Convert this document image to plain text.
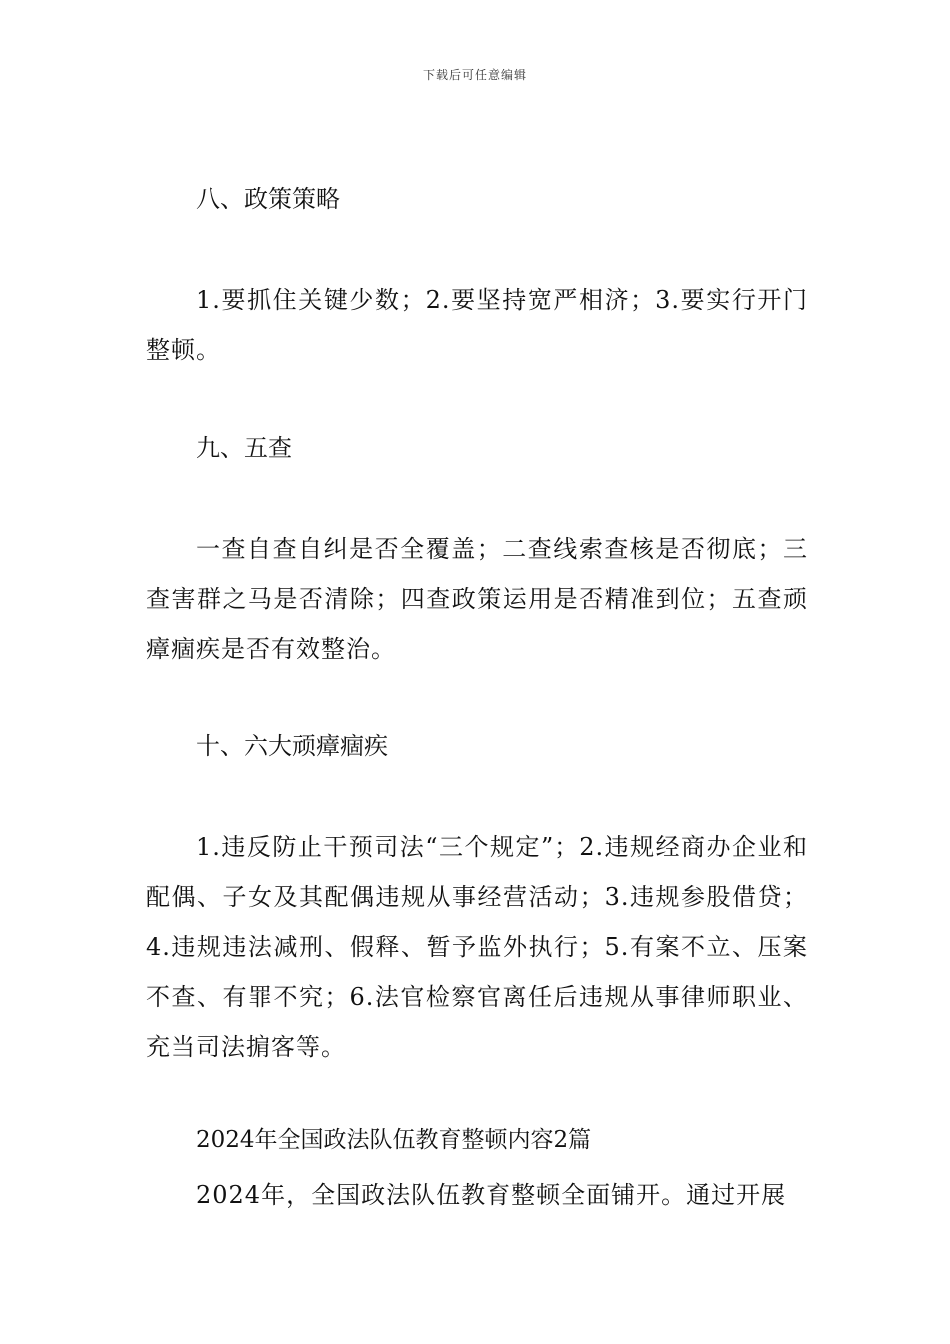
下载后可任意编辑
八、政策策略
1.要抓住关键少数；2.要坚持宽严相济；3.要实行开门整顿。
九、五查
一查自查自纠是否全覆盖；二查线索查核是否彻底；三查害群之马是否清除；四查政策运用是否精准到位；五查顽瘴痼疾是否有效整治。
十、六大顽瘴痼疾
1.违反防止干预司法“三个规定”；2.违规经商办企业和配偶、子女及其配偶违规从事经营活动；3.违规参股借贷；4.违规违法减刑、假释、暂予监外执行；5.有案不立、压案不查、有罪不究；6.法官检察官离任后违规从事律师职业、充当司法掮客等。
2024年全国政法队伍教育整顿内容2篇
2024年，全国政法队伍教育整顿全面铺开。通过开展
